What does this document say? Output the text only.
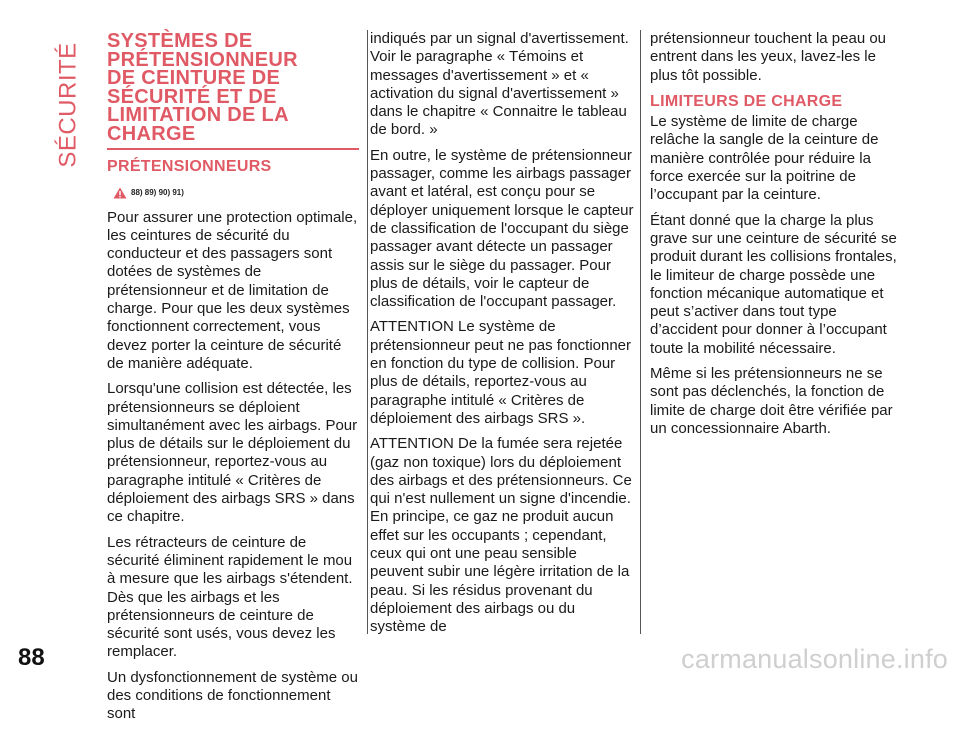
SÉCURITÉ
SYSTÈMES DE
PRÉTENSIONNEUR
DE CEINTURE DE
SÉCURITÉ ET DE
LIMITATION DE LA
CHARGE
PRÉTENSIONNEURS
88) 89) 90) 91)

Pour assurer une protection optimale, les ceintures de sécurité du conducteur et des passagers sont dotées de systèmes de prétensionneur et de limitation de charge. Pour que les deux systèmes fonctionnent correctement, vous devez porter la ceinture de sécurité de manière adéquate.

Lorsqu'une collision est détectée, les prétensionneurs se déploient simultanément avec les airbags. Pour plus de détails sur le déploiement du prétensionneur, reportez-vous au paragraphe intitulé « Critères de déploiement des airbags SRS » dans ce chapitre.

Les rétracteurs de ceinture de sécurité éliminent rapidement le mou à mesure que les airbags s'étendent. Dès que les airbags et les prétensionneurs de ceinture de sécurité sont usés, vous devez les remplacer.

Un dysfonctionnement de système ou des conditions de fonctionnement sont

indiqués par un signal d'avertissement. Voir le paragraphe « Témoins et messages d'avertissement » et « activation du signal d'avertissement » dans le chapitre « Connaitre le tableau de bord. »

En outre, le système de prétensionneur passager, comme les airbags passager avant et latéral, est conçu pour se déployer uniquement lorsque le capteur de classification de l'occupant du siège passager avant détecte un passager assis sur le siège du passager. Pour plus de détails, voir le capteur de classification de l'occupant passager.

ATTENTION Le système de prétensionneur peut ne pas fonctionner en fonction du type de collision. Pour plus de détails, reportez-vous au paragraphe intitulé « Critères de déploiement des airbags SRS ».

ATTENTION De la fumée sera rejetée (gaz non toxique) lors du déploiement des airbags et des prétensionneurs. Ce qui n'est nullement un signe d'incendie. En principe, ce gaz ne produit aucun effet sur les occupants ; cependant, ceux qui ont une peau sensible peuvent subir une légère irritation de la peau. Si les résidus provenant du déploiement des airbags ou du système de

prétensionneur touchent la peau ou entrent dans les yeux, lavez-les le plus tôt possible.

LIMITEURS DE CHARGE

Le système de limite de charge relâche la sangle de la ceinture de manière contrôlée pour réduire la force exercée sur la poitrine de l’occupant par la ceinture.

Étant donné que la charge la plus grave sur une ceinture de sécurité se produit durant les collisions frontales, le limiteur de charge possède une fonction mécanique automatique et peut s’activer dans tout type d’accident pour donner à l’occupant toute la mobilité nécessaire.

Même si les prétensionneurs ne se sont pas déclenchés, la fonction de limite de charge doit être vérifiée par un concessionnaire Abarth.

88	carmanualsonline.info
